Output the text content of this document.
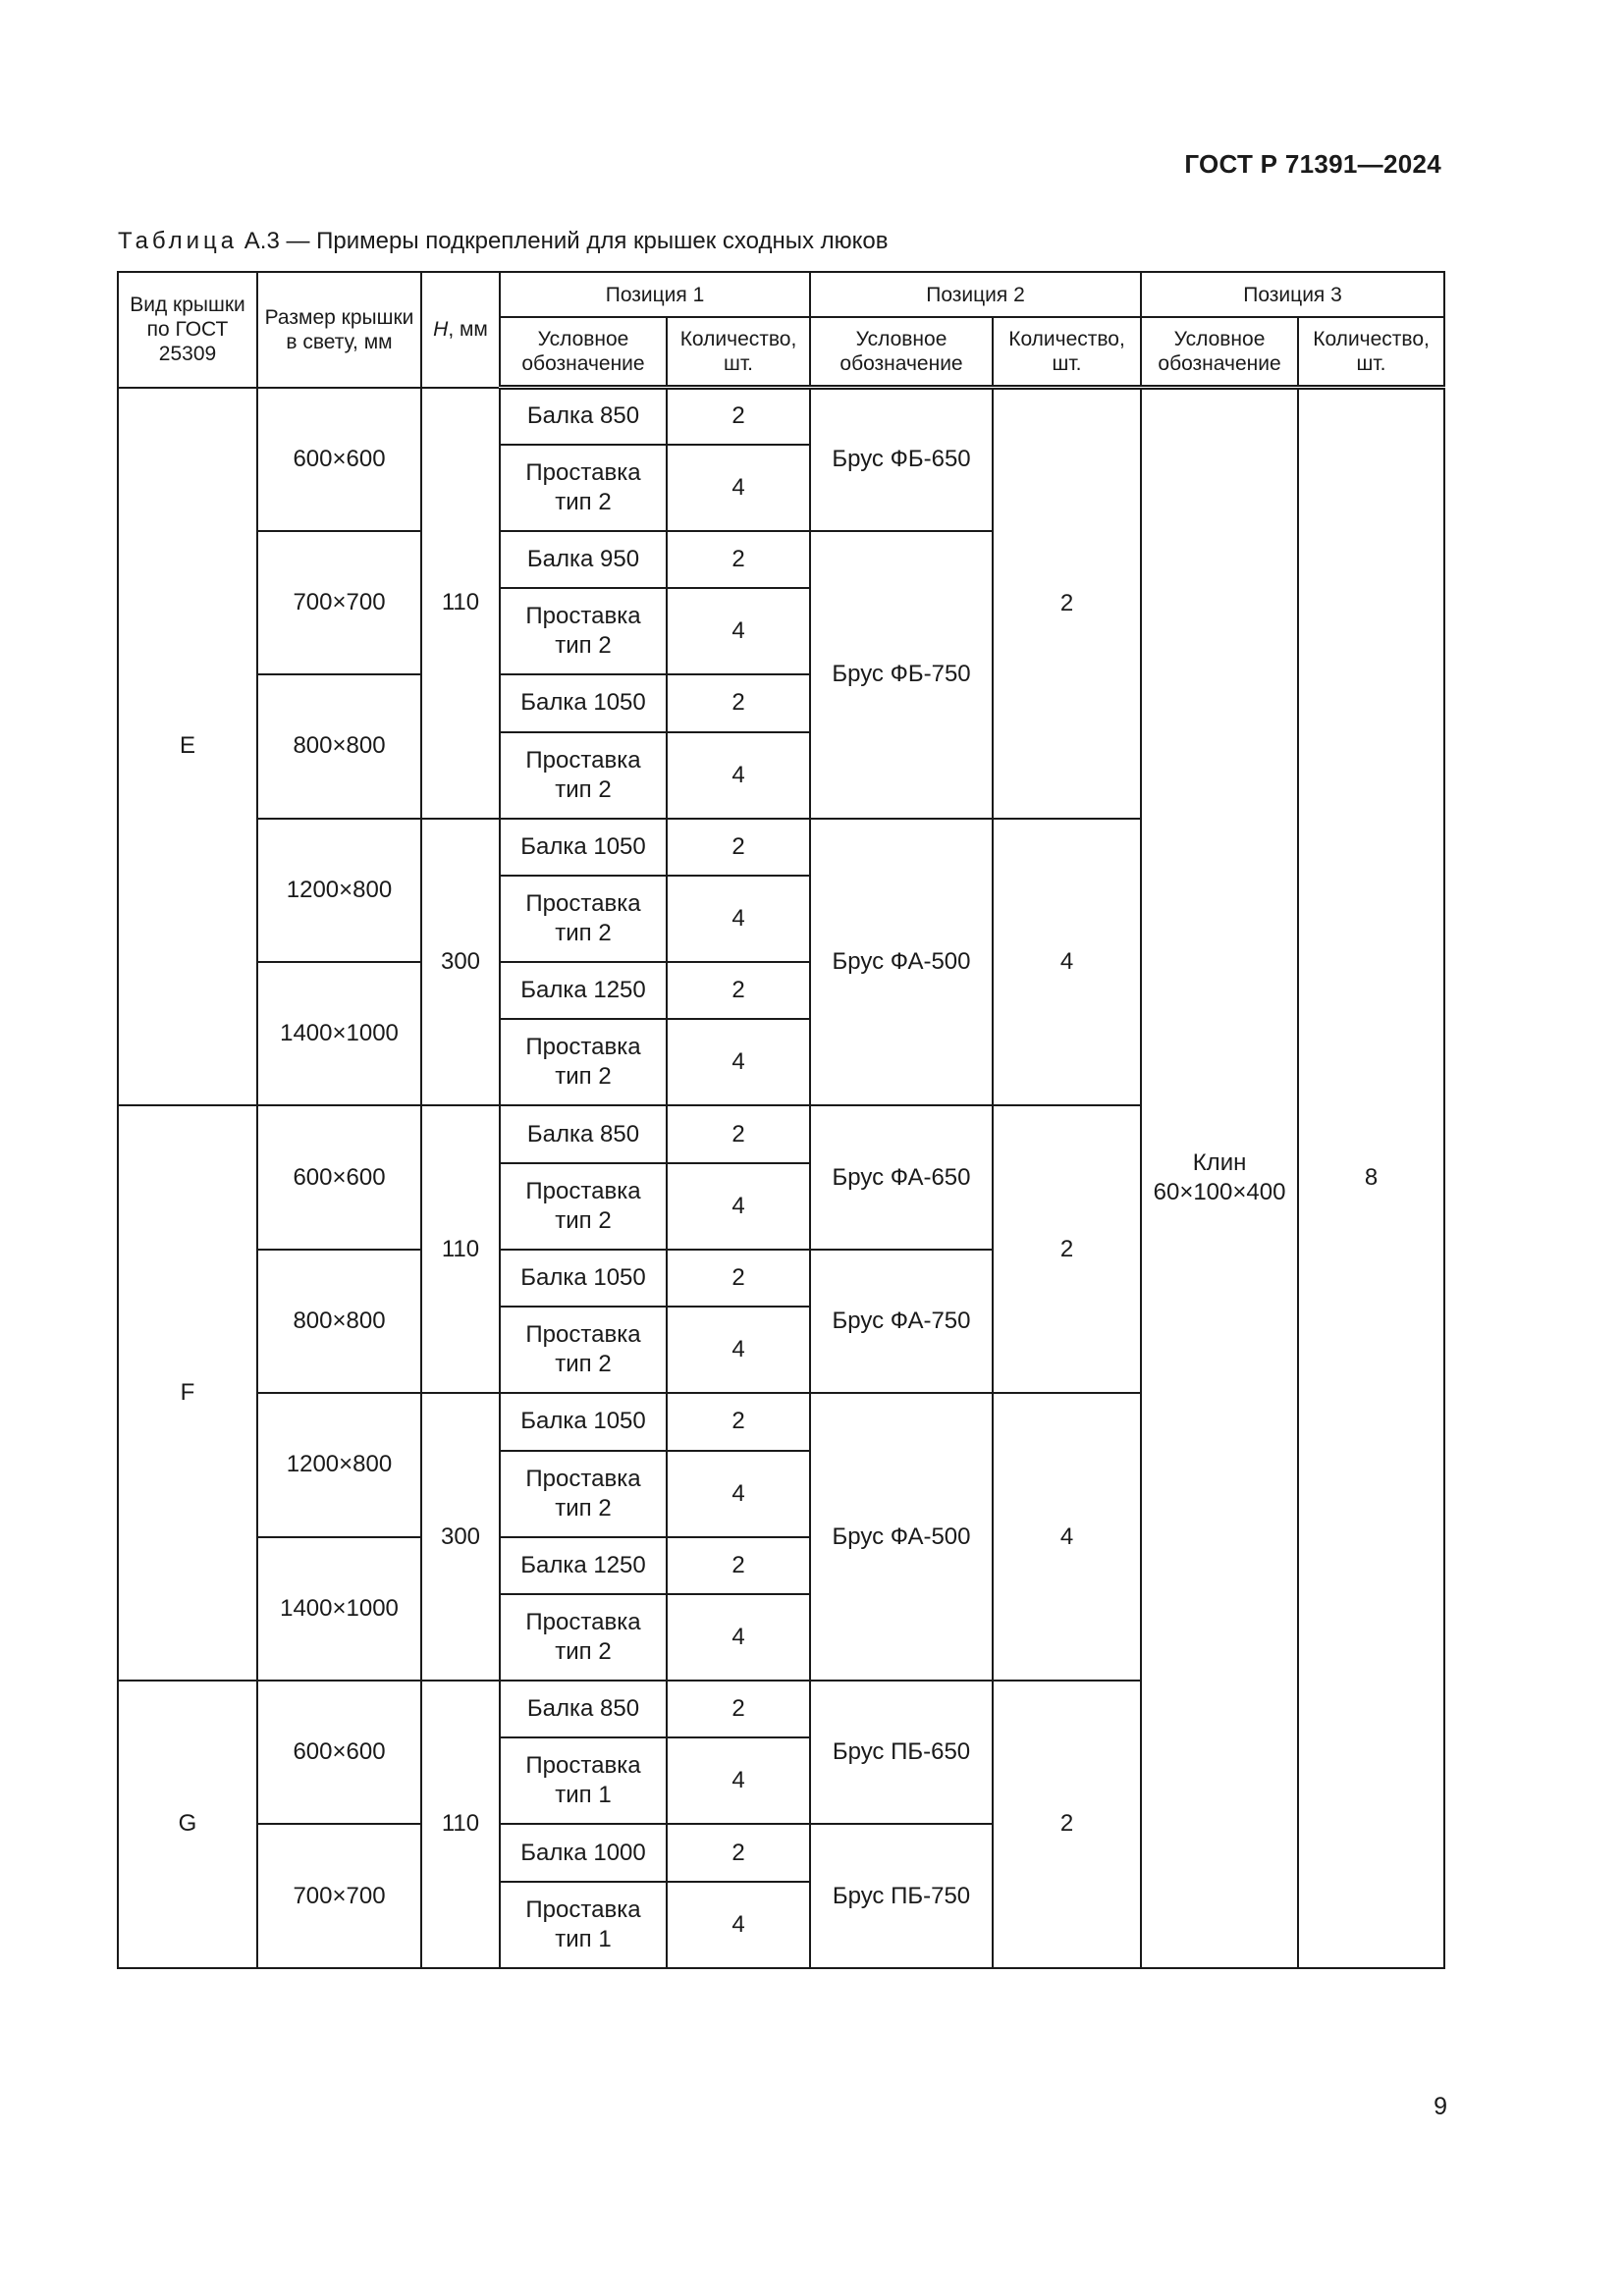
ГОСТ Р 71391—2024
Таблица А.3 — Примеры подкреплений для крышек сходных люков
Вид крышки по ГОСТ 25309	Размер крышки в свету, мм	H, мм	Позиция 1		Позиция 2		Позиция 3	
			Условное обозначение	Количество, шт.	Условное обозначение	Количество, шт.	Условное обозначение	Количество, шт.
E	600×600	110	Балка 850	2	Брус ФБ-650	2	Клин 60×100×400	8
			Проставка тип 2	4				
	700×700		Балка 950	2	Брус ФБ-750			
			Проставка тип 2	4				
	800×800		Балка 1050	2				
			Проставка тип 2	4				
	1200×800	300	Балка 1050	2	Брус ФА-500	4		
			Проставка тип 2	4				
	1400×1000		Балка 1250	2				
			Проставка тип 2	4				
F	600×600	110	Балка 850	2	Брус ФА-650	2		
			Проставка тип 2	4				
	800×800		Балка 1050	2	Брус ФА-750			
			Проставка тип 2	4				
	1200×800	300	Балка 1050	2	Брус ФА-500	4		
			Проставка тип 2	4				
	1400×1000		Балка 1250	2				
			Проставка тип 2	4				
G	600×600	110	Балка 850	2	Брус ПБ-650	2		
			Проставка тип 1	4				
	700×700		Балка 1000	2	Брус ПБ-750			
			Проставка тип 1	4				
9
